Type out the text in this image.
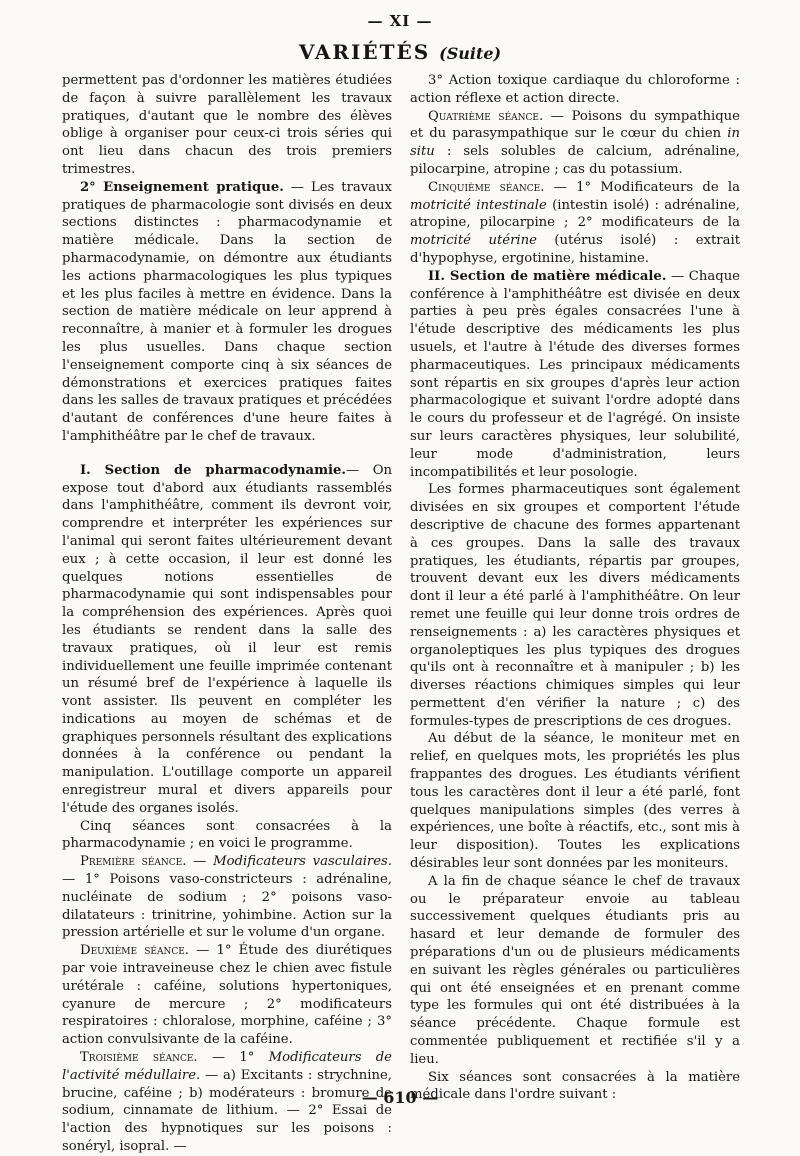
— XI —
VARIÉTÉS (Suite)

permettent pas d'ordonner les matières étudiées de façon à suivre parallèlement les travaux pratiques, d'autant que le nombre des élèves oblige à organiser pour ceux-ci trois séries qui ont lieu dans chacun des trois premiers trimestres.

2° Enseignement pratique. — Les travaux pratiques de pharmacologie sont divisés en deux sections distinctes : pharmacodynamie et matière médicale. Dans la section de pharmacodynamie, on démontre aux étudiants les actions pharmacologiques les plus typiques et les plus faciles à mettre en évidence. Dans la section de matière médicale on leur apprend à reconnaître, à manier et à formuler les drogues les plus usuelles. Dans chaque section l'enseignement comporte cinq à six séances de démonstrations et exercices pratiques faites dans les salles de travaux pratiques et précédées d'autant de conférences d'une heure faites à l'amphithéâtre par le chef de travaux.

I. Section de pharmacodynamie.— On expose tout d'abord aux étudiants rassemblés dans l'amphithéâtre, comment ils devront voir, comprendre et interpréter les expériences sur l'animal qui seront faites ultérieurement devant eux ; à cette occasion, il leur est donné les quelques notions essentielles de pharmacodynamie qui sont indispensables pour la compréhension des expériences. Après quoi les étudiants se rendent dans la salle des travaux pratiques, où il leur est remis individuellement une feuille imprimée contenant un résumé bref de l'expérience à laquelle ils vont assister. Ils peuvent en compléter les indications au moyen de schémas et de graphiques personnels résultant des explications données à la conférence ou pendant la manipulation. L'outillage comporte un appareil enregistreur mural et divers appareils pour l'étude des organes isolés.

Cinq séances sont consacrées à la pharmacodynamie ; en voici le programme.

Première séance. — Modificateurs vasculaires. — 1° Poisons vaso-constricteurs : adrénaline, nucléinate de sodium ; 2° poisons vaso-dilatateurs : trinitrine, yohimbine. Action sur la pression artérielle et sur le volume d'un organe.

Deuxième séance. — 1° Étude des diurétiques par voie intraveineuse chez le chien avec fistule urétérale : caféine, solutions hypertoniques, cyanure de mercure ; 2° modificateurs respiratoires : chloralose, morphine, caféine ; 3° action convulsivante de la caféine.

Troisième séance. — 1° Modificateurs de l'activité médullaire. — a) Excitants : strychnine, brucine, caféine ; b) modérateurs : bromure de sodium, cinnamate de lithium. — 2° Essai de l'action des hypnotiques sur les poisons : sonéryl, isopral. —

3° Action toxique cardiaque du chloroforme : action réflexe et action directe.

Quatrième séance. — Poisons du sympathique et du parasympathique sur le cœur du chien in situ : sels solubles de calcium, adrénaline, pilocarpine, atropine ; cas du potassium.

Cinquième séance. — 1° Modificateurs de la motricité intestinale (intestin isolé) : adrénaline, atropine, pilocarpine ; 2° modificateurs de la motricité utérine (utérus isolé) : extrait d'hypophyse, ergotinine, histamine.

II. Section de matière médicale. — Chaque conférence à l'amphithéâtre est divisée en deux parties à peu près égales consacrées l'une à l'étude descriptive des médicaments les plus usuels, et l'autre à l'étude des diverses formes pharmaceutiques. Les principaux médicaments sont répartis en six groupes d'après leur action pharmacologique et suivant l'ordre adopté dans le cours du professeur et de l'agrégé. On insiste sur leurs caractères physiques, leur solubilité, leur mode d'administration, leurs incompatibilités et leur posologie.

Les formes pharmaceutiques sont également divisées en six groupes et comportent l'étude descriptive de chacune des formes appartenant à ces groupes. Dans la salle des travaux pratiques, les étudiants, répartis par groupes, trouvent devant eux les divers médicaments dont il leur a été parlé à l'amphithéâtre. On leur remet une feuille qui leur donne trois ordres de renseignements : a) les caractères physiques et organoleptiques les plus typiques des drogues qu'ils ont à reconnaître et à manipuler ; b) les diverses réactions chimiques simples qui leur permettent d'en vérifier la nature ; c) des formules-types de prescriptions de ces drogues.

Au début de la séance, le moniteur met en relief, en quelques mots, les propriétés les plus frappantes des drogues. Les étudiants vérifient tous les caractères dont il leur a été parlé, font quelques manipulations simples (des verres à expériences, une boîte à réactifs, etc., sont mis à leur disposition). Toutes les explications désirables leur sont données par les moniteurs.

A la fin de chaque séance le chef de travaux ou le préparateur envoie au tableau successivement quelques étudiants pris au hasard et leur demande de formuler des préparations d'un ou de plusieurs médicaments en suivant les règles générales ou particulières qui ont été enseignées et en prenant comme type les formules qui ont été distribuées à la séance précédente. Chaque formule est commentée publiquement et rectifiée s'il y a lieu.

Six séances sont consacrées à la matière médicale dans l'ordre suivant :

— 610 —
